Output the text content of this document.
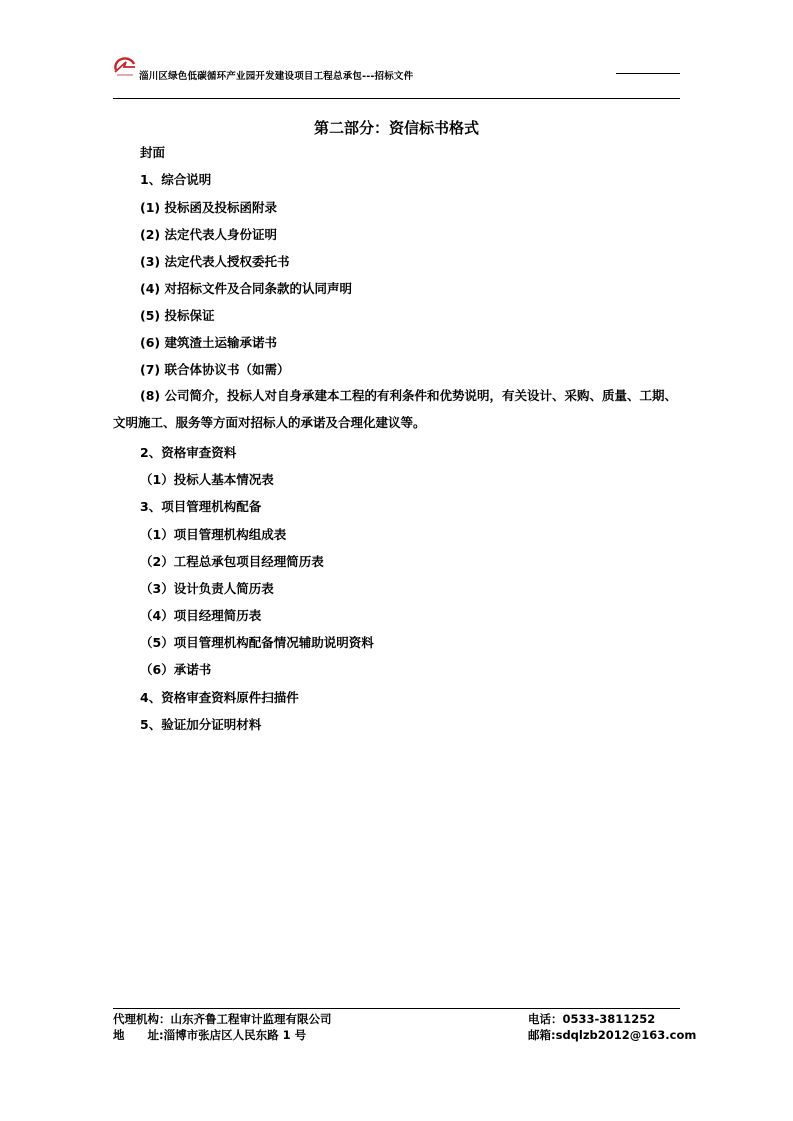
淄川区绿色低碳循环产业园开发建设项目工程总承包---招标文件
第二部分：资信标书格式
封面
1、综合说明
(1) 投标函及投标函附录
(2) 法定代表人身份证明
(3) 法定代表人授权委托书
(4) 对招标文件及合同条款的认同声明
(5) 投标保证
(6) 建筑渣土运输承诺书
(7) 联合体协议书（如需）
(8) 公司简介，投标人对自身承建本工程的有利条件和优势说明，有关设计、采购、质量、工期、文明施工、服务等方面对招标人的承诺及合理化建议等。
2、资格审查资料
（1）投标人基本情况表
3、项目管理机构配备
（1）项目管理机构组成表
（2）工程总承包项目经理简历表
（3）设计负责人简历表
（4）项目经理简历表
（5）项目管理机构配备情况辅助说明资料
（6）承诺书
4、资格审查资料原件扫描件
5、验证加分证明材料
代理机构：山东齐鲁工程审计监理有限公司	电话：0533-3811252
地　　址:淄博市张店区人民东路 1 号	邮箱:sdqlzb2012@163.com
